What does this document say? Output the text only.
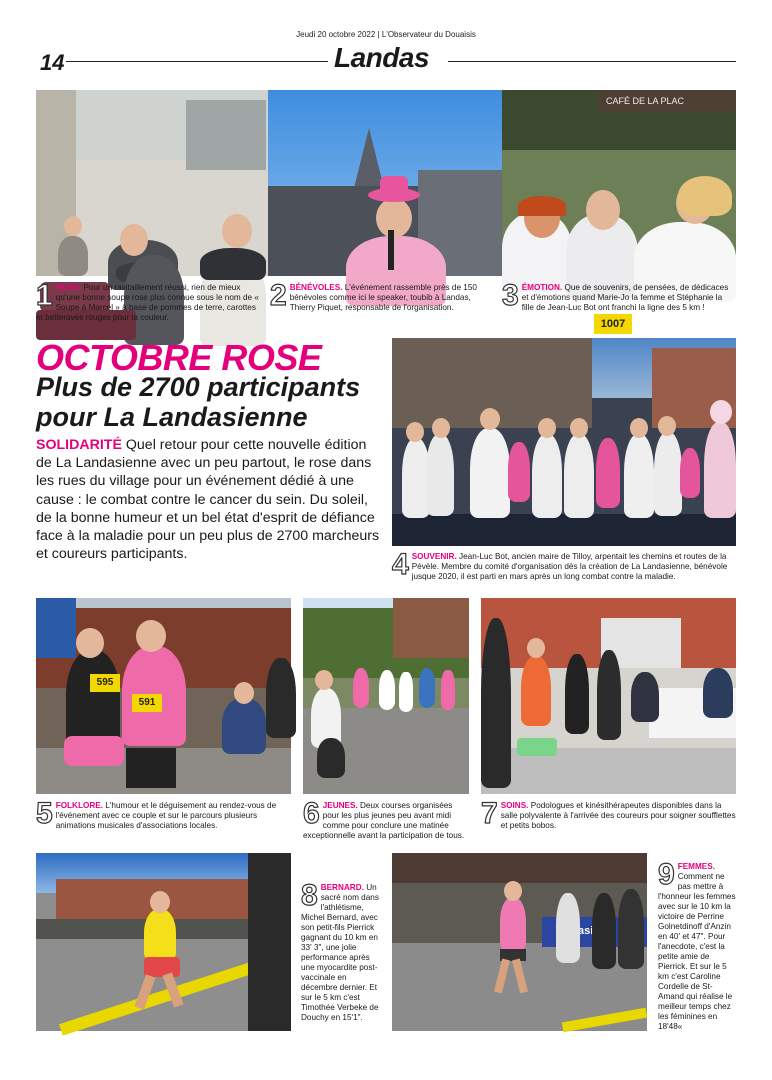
Jeudi 20 octobre 2022 | L'Observateur du Douaisis
14	Landas
CAFÉ DE LA PLAC
1007
1 ROSE. Pour un ravitaillement réussi, rien de mieux qu'une bonne soupe rose plus connue sous le nom de « Soupe à Marcel » à base de pommes de terre, carottes et betteraves rouges pour la couleur.
2 BÉNÉVOLES. L'événement rassemble près de 150 bénévoles comme ici le speaker, toubib à Landas, Thierry Piquet, responsable de l'organisation.	3 ÉMOTION. Que de souvenirs, de pensées, de dédicaces et d'émotions quand Marie-Jo la femme et Stéphanie la fille de Jean-Luc Bot ont franchi la ligne des 5 km !
OCTOBRE ROSE
Plus de 2700 participants pour La Landasienne
SOLIDARITÉ Quel retour pour cette nouvelle édition de La Landasienne avec un peu partout, le rose dans les rues du village pour un événement dédié à une cause : le combat contre le cancer du sein. Du soleil, de la bonne humeur et un bel état d'esprit de défiance face à la maladie pour un peu plus de 2700 marcheurs et coureurs participants.	4 SOUVENIR. Jean-Luc Bot, ancien maire de Tilloy, arpentait les chemins et routes de la Pévèle. Membre du comité d'organisation dès la création de La Landasienne, bénévole jusque 2020, il est parti en mars après un long combat contre la maladie.
595
591
5 FOLKLORE. L'humour et le déguisement au rendez-vous de l'événement avec ce couple et sur le parcours plusieurs animations musicales d'associations locales.	6 JEUNES. Deux courses organisées pour les plus jeunes peu avant midi comme pour conclure une matinée exceptionnelle avant la participation de tous.
7 SOINS. Podologues et kinésithérapeutes disponibles dans la salle polyvalente à l'arrivée des coureurs pour soigner soufflettes et petits bobos.
8 BERNARD. Un sacré nom dans l'athlétisme, Michel Bernard, avec son petit-fils Pierrick gagnant du 10 km en 33' 3", une jolie performance après une myocardite post-vaccinale en décembre dernier. Et sur le 5 km c'est Timothée Verbeke de Douchy en 15'1".
9 FEMMES. Comment ne pas mettre à l'honneur les femmes avec sur le 10 km la victoire de Perrine Golnetdinoff d'Anzin en 40' et 47". Pour l'anecdote, c'est la petite amie de Pierrick. Et sur le 5 km c'est Caroline Cordelle de St-Amand qui réalise le meilleur temps chez les féminines en 18'48«
